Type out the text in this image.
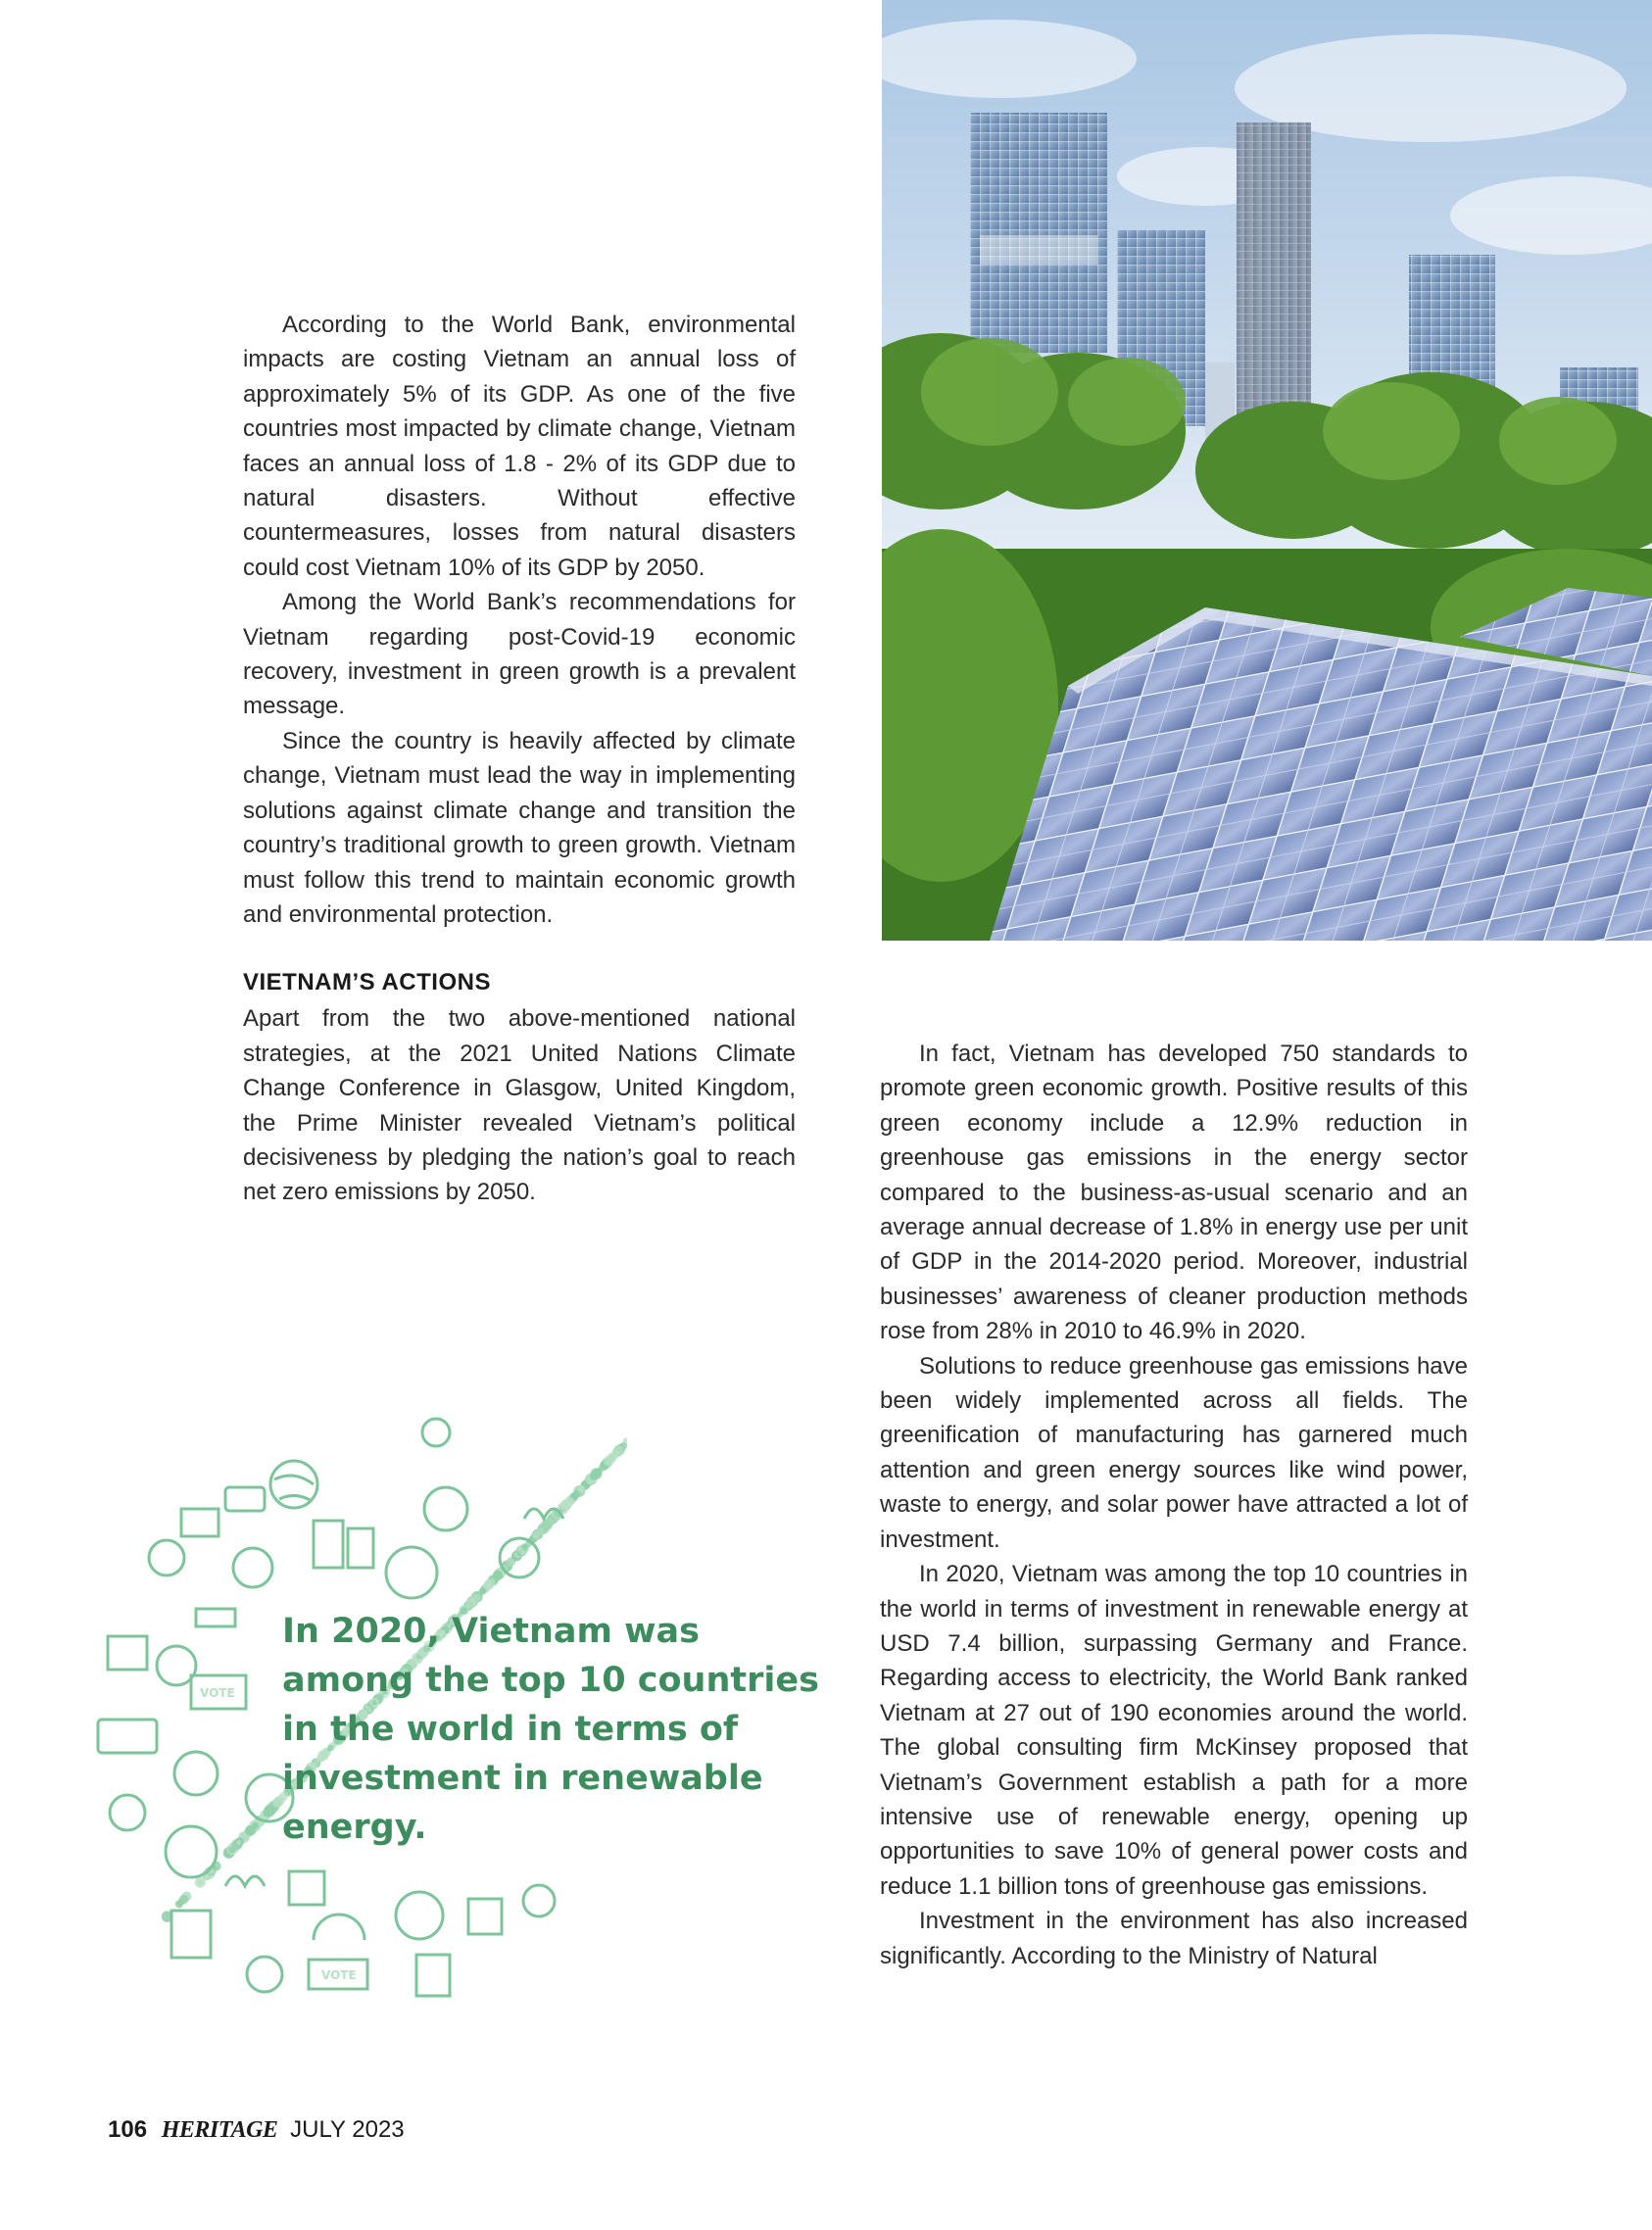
According to the World Bank, environmental impacts are costing Vietnam an annual loss of approximately 5% of its GDP. As one of the five countries most impacted by climate change, Vietnam faces an annual loss of 1.8 - 2% of its GDP due to natural disasters. Without effective countermeasures, losses from natural disasters could cost Vietnam 10% of its GDP by 2050.

Among the World Bank’s recommendations for Vietnam regarding post-Covid-19 economic recovery, investment in green growth is a prevalent message.

Since the country is heavily affected by climate change, Vietnam must lead the way in implementing solutions against climate change and transition the country’s traditional growth to green growth. Vietnam must follow this trend to maintain economic growth and environmental protection.

VIETNAM’S ACTIONS

Apart from the two above-mentioned national strategies, at the 2021 United Nations Climate Change Conference in Glasgow, United Kingdom, the Prime Minister revealed Vietnam’s political decisiveness by pledging the nation’s goal to reach net zero emissions by 2050.

In fact, Vietnam has developed 750 standards to promote green economic growth. Positive results of this green economy include a 12.9% reduction in greenhouse gas emissions in the energy sector compared to the business-as-usual scenario and an average annual decrease of 1.8% in energy use per unit of GDP in the 2014-2020 period. Moreover, industrial businesses’ awareness of cleaner production methods rose from 28% in 2010 to 46.9% in 2020.

Solutions to reduce greenhouse gas emissions have been widely implemented across all fields. The greenification of manufacturing has garnered much attention and green energy sources like wind power, waste to energy, and solar power have attracted a lot of investment.

In 2020, Vietnam was among the top 10 countries in the world in terms of investment in renewable energy at USD 7.4 billion, surpassing Germany and France. Regarding access to electricity, the World Bank ranked Vietnam at 27 out of 190 economies around the world. The global consulting firm McKinsey proposed that Vietnam’s Government establish a path for a more intensive use of renewable energy, opening up opportunities to save 10% of general power costs and reduce 1.1 billion tons of greenhouse gas emissions.

Investment in the environment has also increased significantly. According to the Ministry of Natural

VOTE
VOTE
In 2020, Vietnam was among the top 10 countries in the world in terms of investment in renewable energy.
106 HERITAGE JULY 2023
